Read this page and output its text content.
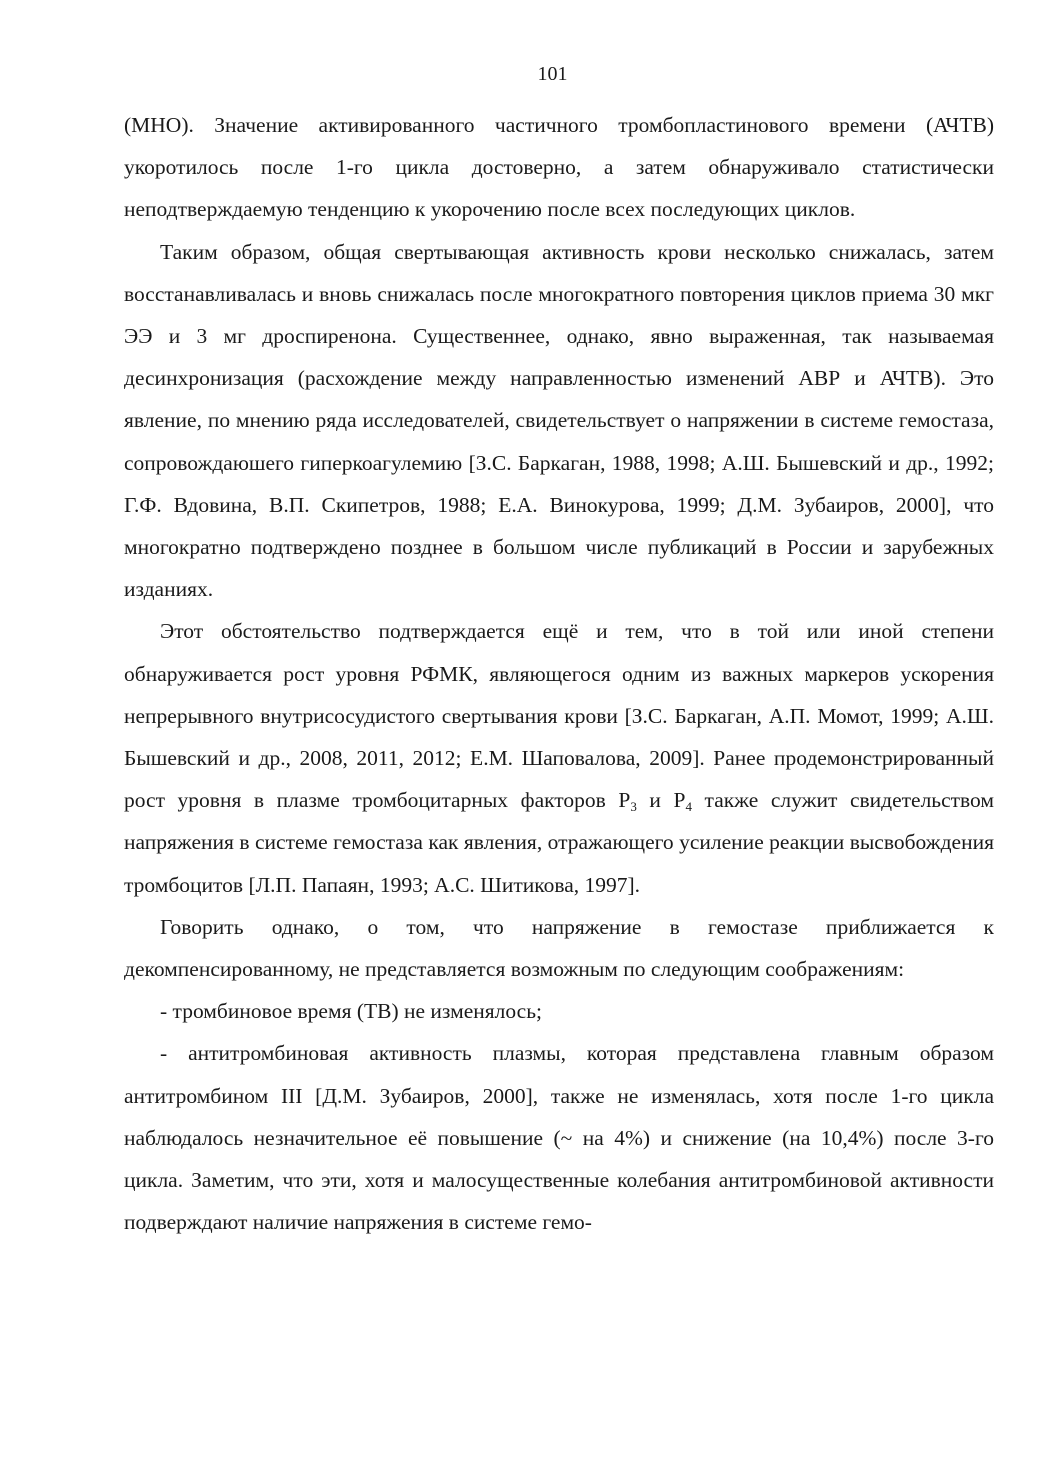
101

(МНО). Значение активированного частичного тромбопластинового времени (АЧТВ) укоротилось после 1-го цикла достоверно, а затем обнаруживало статистически неподтверждаемую тенденцию к укорочению после всех последующих циклов.

Таким образом, общая свертывающая активность крови несколько снижалась, затем восстанавливалась и вновь снижалась после многократного повторения циклов приема 30 мкг ЭЭ и 3 мг дроспиренона. Существеннее, однако, явно выраженная, так называемая десинхронизация (расхождение между направленностью изменений АВР и АЧТВ). Это явление, по мнению ряда исследователей, свидетельствует о напряжении в системе гемостаза, сопровождаюшего гиперкоагулемию [З.С. Баркаган, 1988, 1998; А.Ш. Бышевский и др., 1992; Г.Ф. Вдовина, В.П. Скипетров, 1988; Е.А. Винокурова, 1999; Д.М. Зубаиров, 2000], что многократно подтверждено позднее в большом числе публикаций в России и зарубежных изданиях.

Этот обстоятельство подтверждается ещё и тем, что в той или иной степени обнаруживается рост уровня РФМК, являющегося одним из важных маркеров ускорения непрерывного внутрисосудистого свертывания крови [З.С. Баркаган, А.П. Момот, 1999; А.Ш. Бышевский и др., 2008, 2011, 2012; Е.М. Шаповалова, 2009]. Ранее продемонстрированный рост уровня в плазме тромбоцитарных факторов $Р_3$ и $Р_4$ также служит свидетельством напряжения в системе гемостаза как явления, отражающего усиление реакции высвобождения тромбоцитов [Л.П. Папаян, 1993; А.С. Шитикова, 1997].

Говорить однако, о том, что напряжение в гемостазе приближается к декомпенсированному, не представляется возможным по следующим соображениям:

- тромбиновое время (ТВ) не изменялось;

- антитромбиновая активность плазмы, которая представлена главным образом антитромбином III [Д.М. Зубаиров, 2000], также не изменялась, хотя после 1-го цикла наблюдалось незначительное её повышение (~ на 4%) и снижение (на 10,4%) после 3-го цикла. Заметим, что эти, хотя и малосущественные колебания антитромбиновой активности подверждают наличие напряжения в системе гемо-
